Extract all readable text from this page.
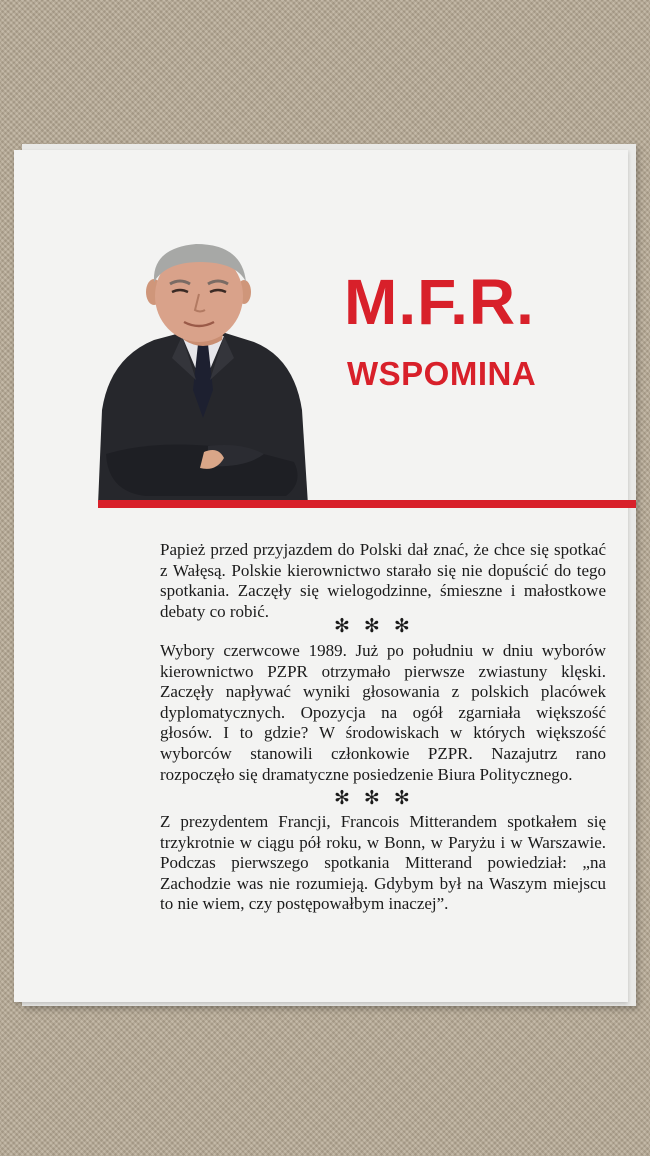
M.F.R.
WSPOMINA

Papież przed przyjazdem do Polski dał znać, że chce się spotkać z Wałęsą. Polskie kierownictwo starało się nie dopuścić do tego spotkania. Zaczęły się wielogodzinne, śmieszne i małostkowe debaty co robić.

✻✻✻

Wybory czerwcowe 1989. Już po południu w dniu wyborów kierownictwo PZPR otrzymało pierwsze zwiastuny klęski. Zaczęły napływać wyniki głosowania z polskich placówek dyplomatycznych. Opozycja na ogół zgarniała większość głosów. I to gdzie? W środowiskach w których większość wyborców stanowili członkowie PZPR. Nazajutrz rano rozpoczęło się dramatyczne posiedzenie Biura Politycznego.

✻✻✻

Z prezydentem Francji, Francois Mitterandem spotkałem się trzykrotnie w ciągu pół roku, w Bonn, w Paryżu i w Warszawie. Podczas pierwszego spotkania Mitterand powiedział: „na Zachodzie was nie rozumieją. Gdybym był na Waszym miejscu to nie wiem, czy postępowałbym inaczej”.
